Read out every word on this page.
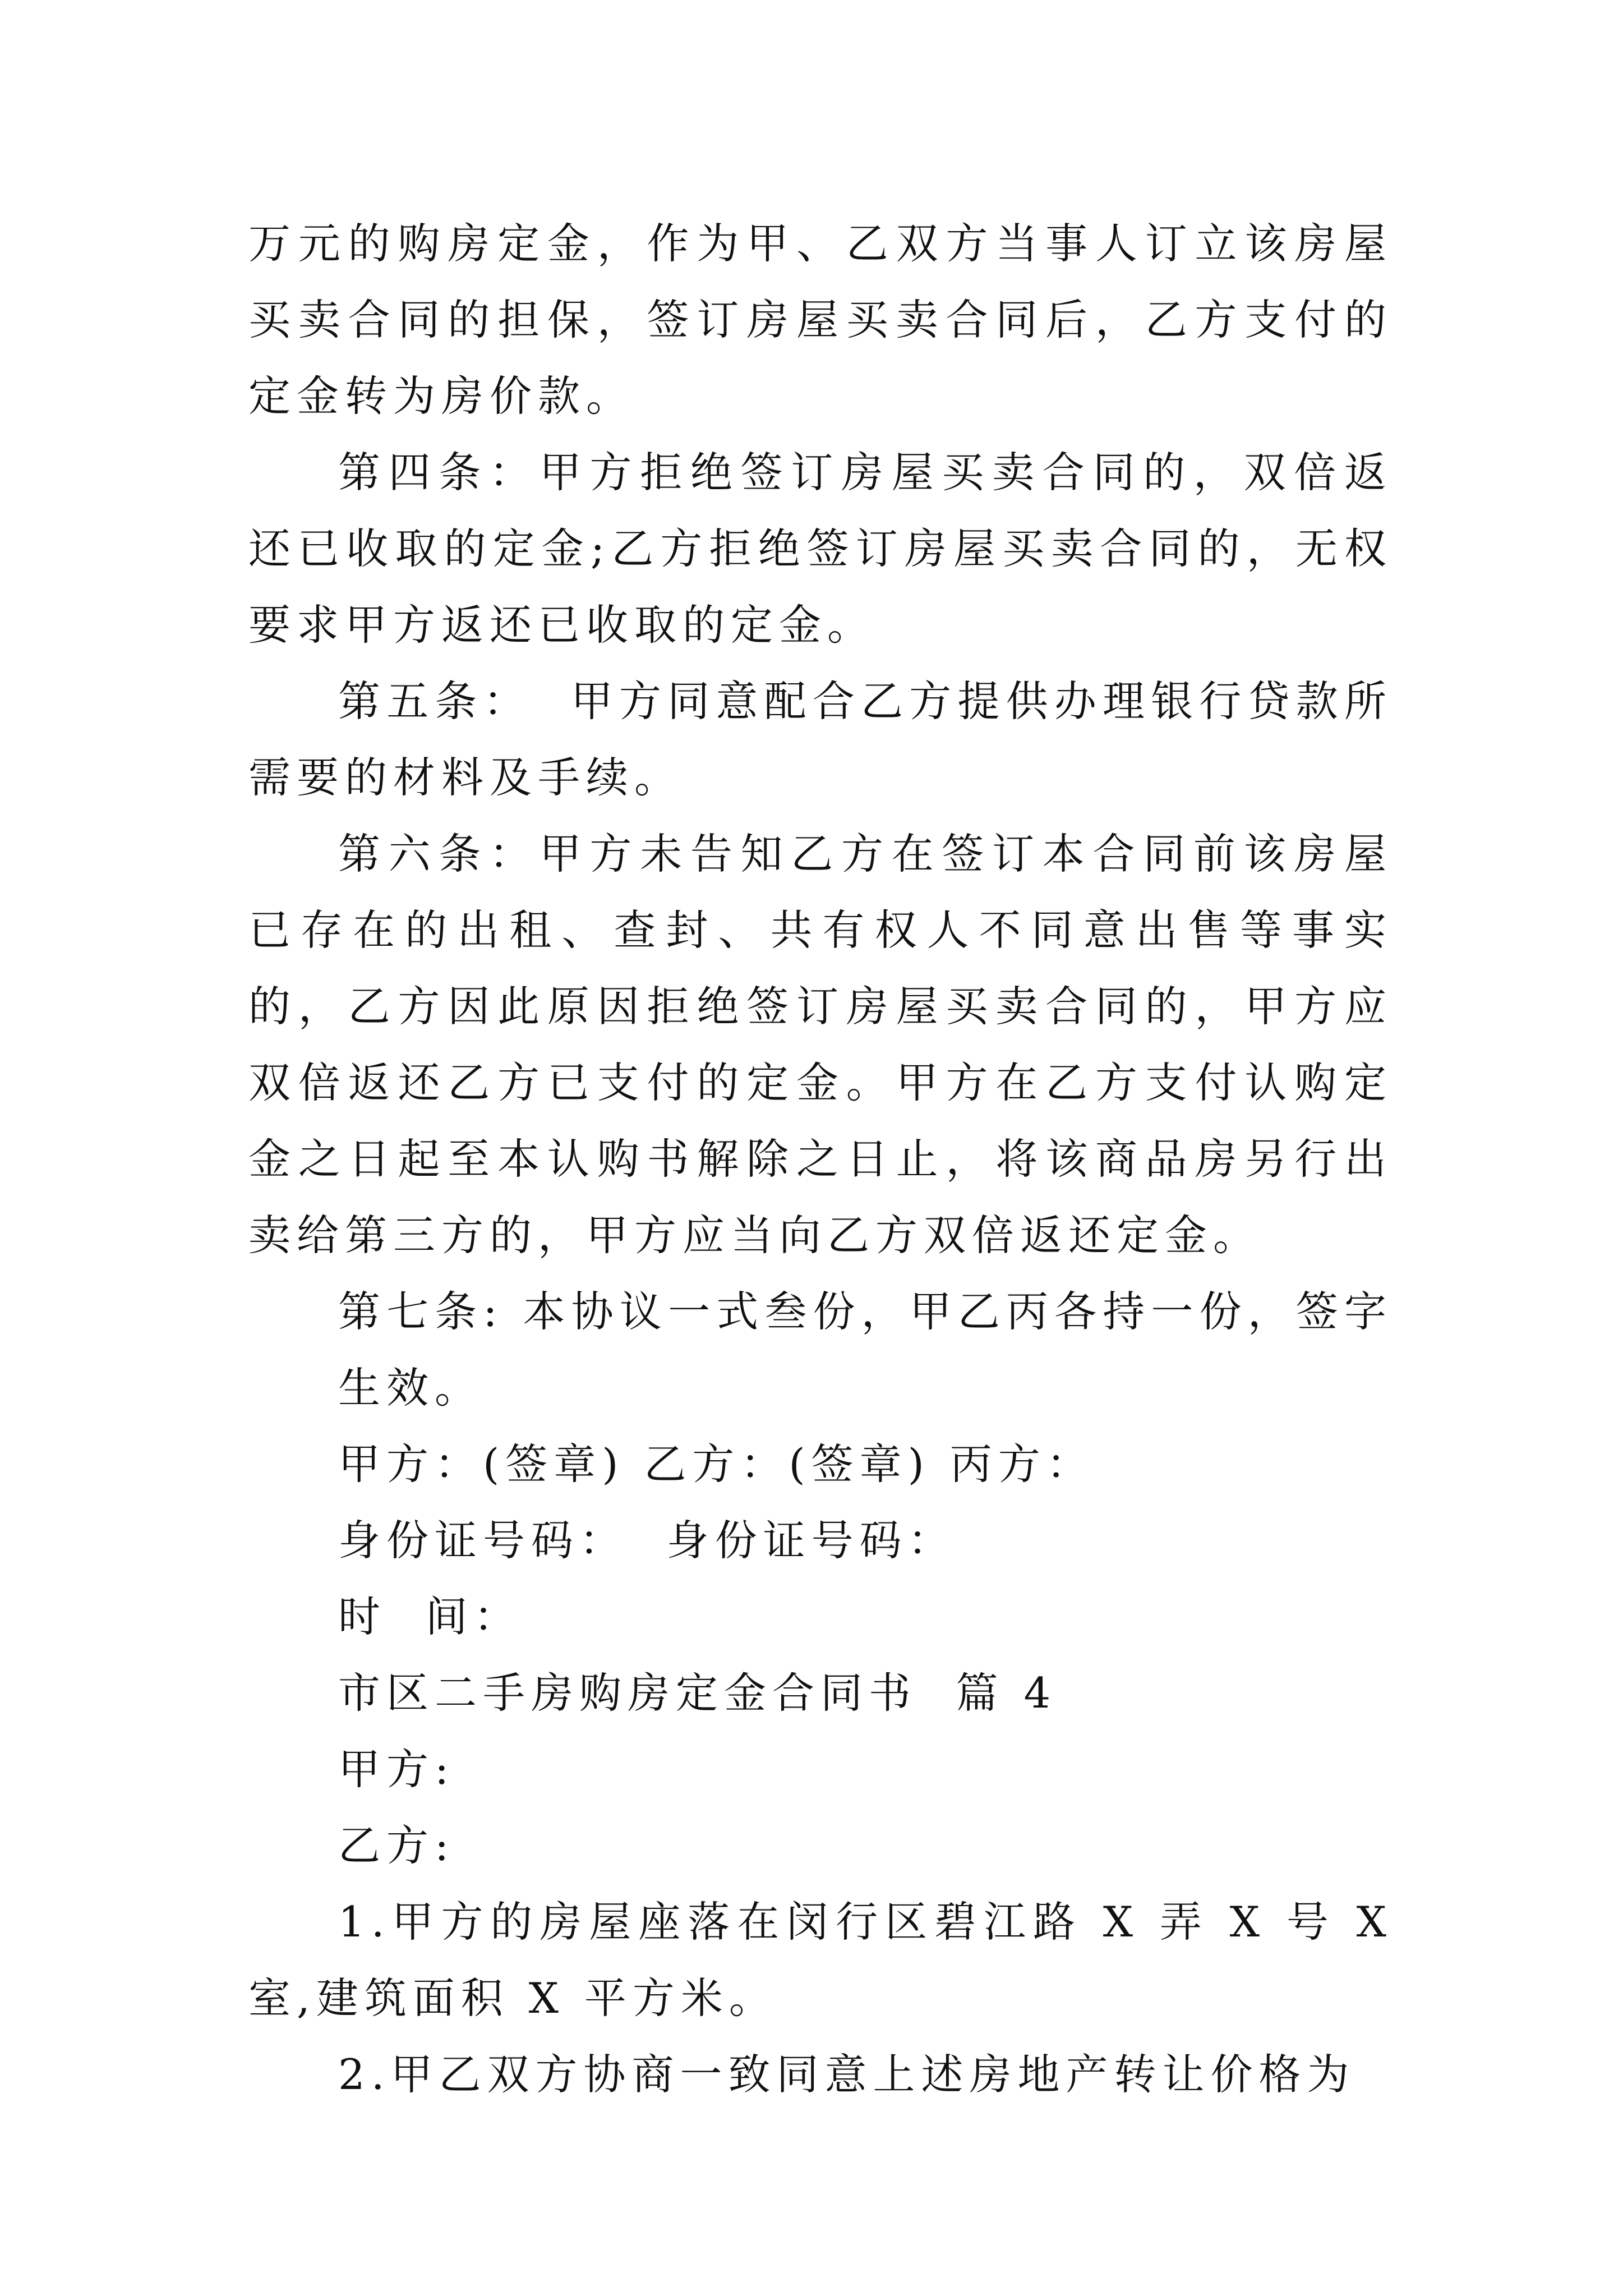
万元的购房定金，作为甲、乙双方当事人订立该房屋买卖合同的担保，签订房屋买卖合同后，乙方支付的定金转为房价款。

第四条：甲方拒绝签订房屋买卖合同的，双倍返还已收取的定金;乙方拒绝签订房屋买卖合同的，无权要求甲方返还已收取的定金。

第五条：  甲方同意配合乙方提供办理银行贷款所需要的材料及手续。

第六条：甲方未告知乙方在签订本合同前该房屋已存在的出租、查封、共有权人不同意出售等事实的，乙方因此原因拒绝签订房屋买卖合同的，甲方应双倍返还乙方已支付的定金。甲方在乙方支付认购定金之日起至本认购书解除之日止，将该商品房另行出卖给第三方的，甲方应当向乙方双倍返还定金。

第七条: 本协议一式叁份，甲乙丙各持一份，签字生效。

甲方：(签章) 乙方：(签章) 丙方：

身份证号码：  身份证号码：

时  间：

市区二手房购房定金合同书  篇 4

甲方:

乙方:

1.甲方的房屋座落在闵行区碧江路 X 弄 X 号 X 室,建筑面积 X 平方米。

2.甲乙双方协商一致同意上述房地产转让价格为
